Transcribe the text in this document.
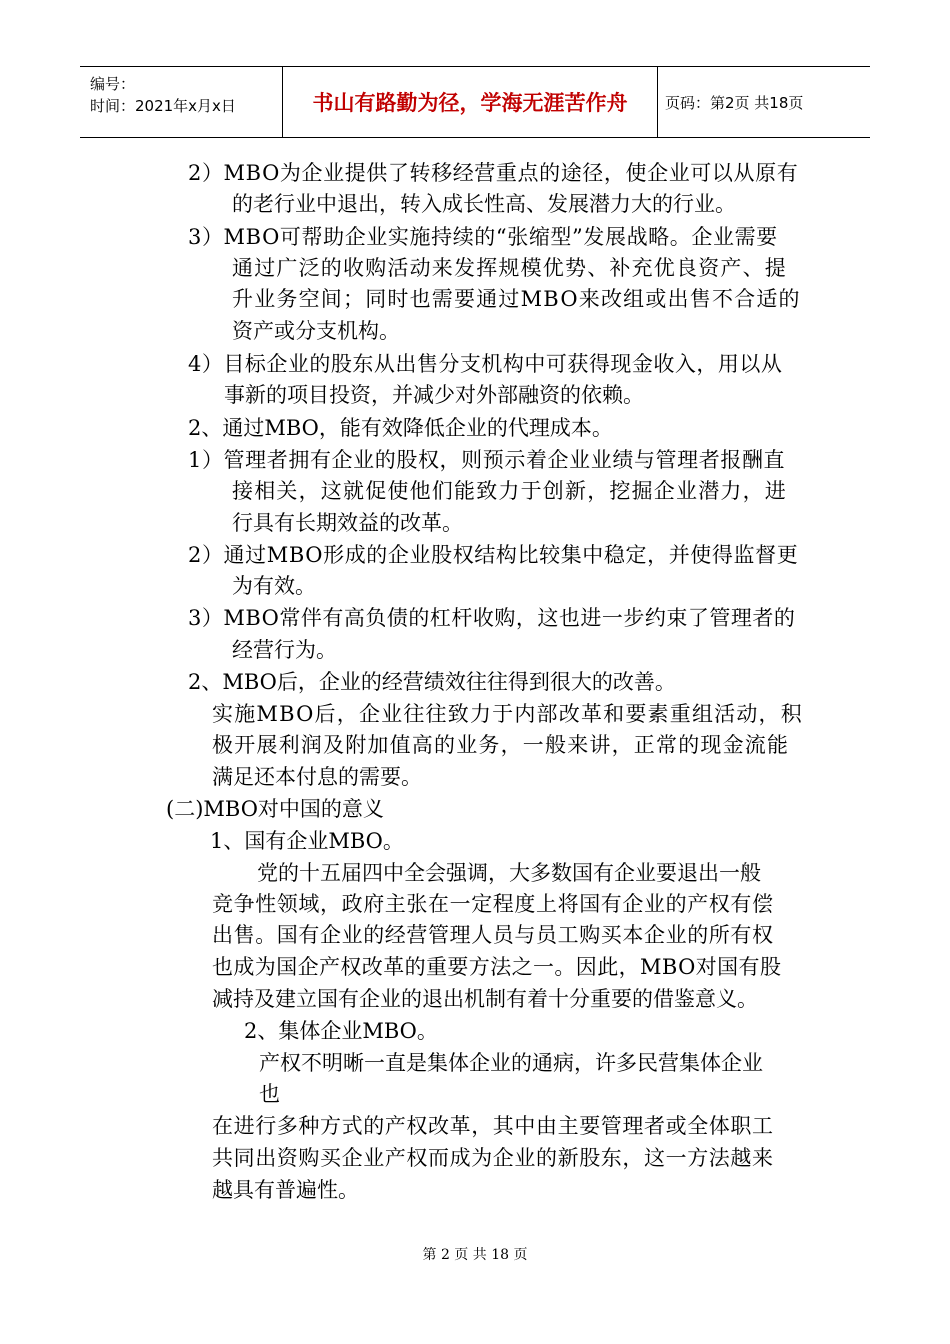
编号：
时间：2021年x月x日	书山有路勤为径，学海无涯苦作舟	页码：第2页 共18页
2）MBO为企业提供了转移经营重点的途径，使企业可以从原有
的老行业中退出，转入成长性高、发展潜力大的行业。
3）MBO可帮助企业实施持续的“张缩型”发展战略。企业需要
通过广泛的收购活动来发挥规模优势、补充优良资产、提
升业务空间；同时也需要通过MBO来改组或出售不合适的
资产或分支机构。
4）目标企业的股东从出售分支机构中可获得现金收入，用以从
事新的项目投资，并减少对外部融资的依赖。
2、通过MBO，能有效降低企业的代理成本。
1）管理者拥有企业的股权，则预示着企业业绩与管理者报酬直
接相关，这就促使他们能致力于创新，挖掘企业潜力，进
行具有长期效益的改革。
2）通过MBO形成的企业股权结构比较集中稳定，并使得监督更
为有效。
3）MBO常伴有高负债的杠杆收购，这也进一步约束了管理者的
经营行为。
2、MBO后，企业的经营绩效往往得到很大的改善。
实施MBO后，企业往往致力于内部改革和要素重组活动，积
极开展利润及附加值高的业务，一般来讲，正常的现金流能
满足还本付息的需要。
(二)MBO对中国的意义
1、国有企业MBO。
党的十五届四中全会强调，大多数国有企业要退出一般
竞争性领域，政府主张在一定程度上将国有企业的产权有偿
出售。国有企业的经营管理人员与员工购买本企业的所有权
也成为国企产权改革的重要方法之一。因此，MBO对国有股
减持及建立国有企业的退出机制有着十分重要的借鉴意义。
2、集体企业MBO。
产权不明晰一直是集体企业的通病，许多民营集体企业
也
在进行多种方式的产权改革，其中由主要管理者或全体职工
共同出资购买企业产权而成为企业的新股东，这一方法越来
越具有普遍性。
第 2 页 共 18 页
